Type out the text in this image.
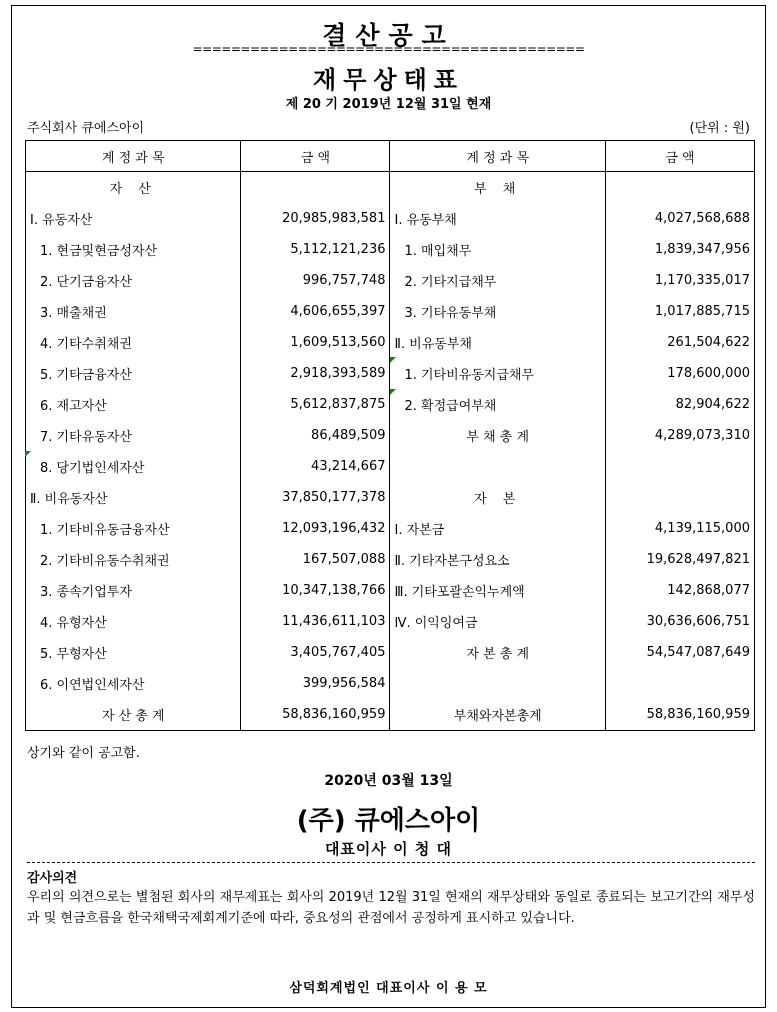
결산공고
=========================================
재무상태표
제 20 기 2019년 12월 31일 현재
주식회사 큐에스아이	(단위 : 원)
계 정 과 목	금 액	계 정 과 목	금 액
자 산		부 채	
Ⅰ. 유동자산	20,985,983,581	Ⅰ. 유동부채	4,027,568,688
1. 현금및현금성자산	5,112,121,236	1. 매입채무	1,839,347,956
2. 단기금융자산	996,757,748	2. 기타지급채무	1,170,335,017
3. 매출채권	4,606,655,397	3. 기타유동부채	1,017,885,715
4. 기타수취채권	1,609,513,560	Ⅱ. 비유동부채	261,504,622
5. 기타금융자산	2,918,393,589	1. 기타비유동지급채무	178,600,000
6. 재고자산	5,612,837,875	2. 확정급여부채	82,904,622
7. 기타유동자산	86,489,509	부 채 총 계	4,289,073,310
8. 당기법인세자산	43,214,667		
Ⅱ. 비유동자산	37,850,177,378	자 본	
1. 기타비유동금융자산	12,093,196,432	Ⅰ. 자본금	4,139,115,000
2. 기타비유동수취채권	167,507,088	Ⅱ. 기타자본구성요소	19,628,497,821
3. 종속기업투자	10,347,138,766	Ⅲ. 기타포괄손익누계액	142,868,077
4. 유형자산	11,436,611,103	Ⅳ. 이익잉여금	30,636,606,751
5. 무형자산	3,405,767,405	자 본 총 계	54,547,087,649
6. 이연법인세자산	399,956,584		
자 산 총 계	58,836,160,959	부채와자본총계	58,836,160,959
상기와 같이 공고함.
2020년 03월 13일
(주) 큐에스아이
대표이사 이 청 대
감사의견
우리의 의견으로는 별첨된 회사의 재무제표는 회사의 2019년 12월 31일 현재의 재무상태와 동일로 종료되는 보고기간의 재무성과 및 현금흐름을 한국채택국제회계기준에 따라, 중요성의 관점에서 공정하게 표시하고 있습니다.
삼덕회계법인 대표이사 이 용 모
